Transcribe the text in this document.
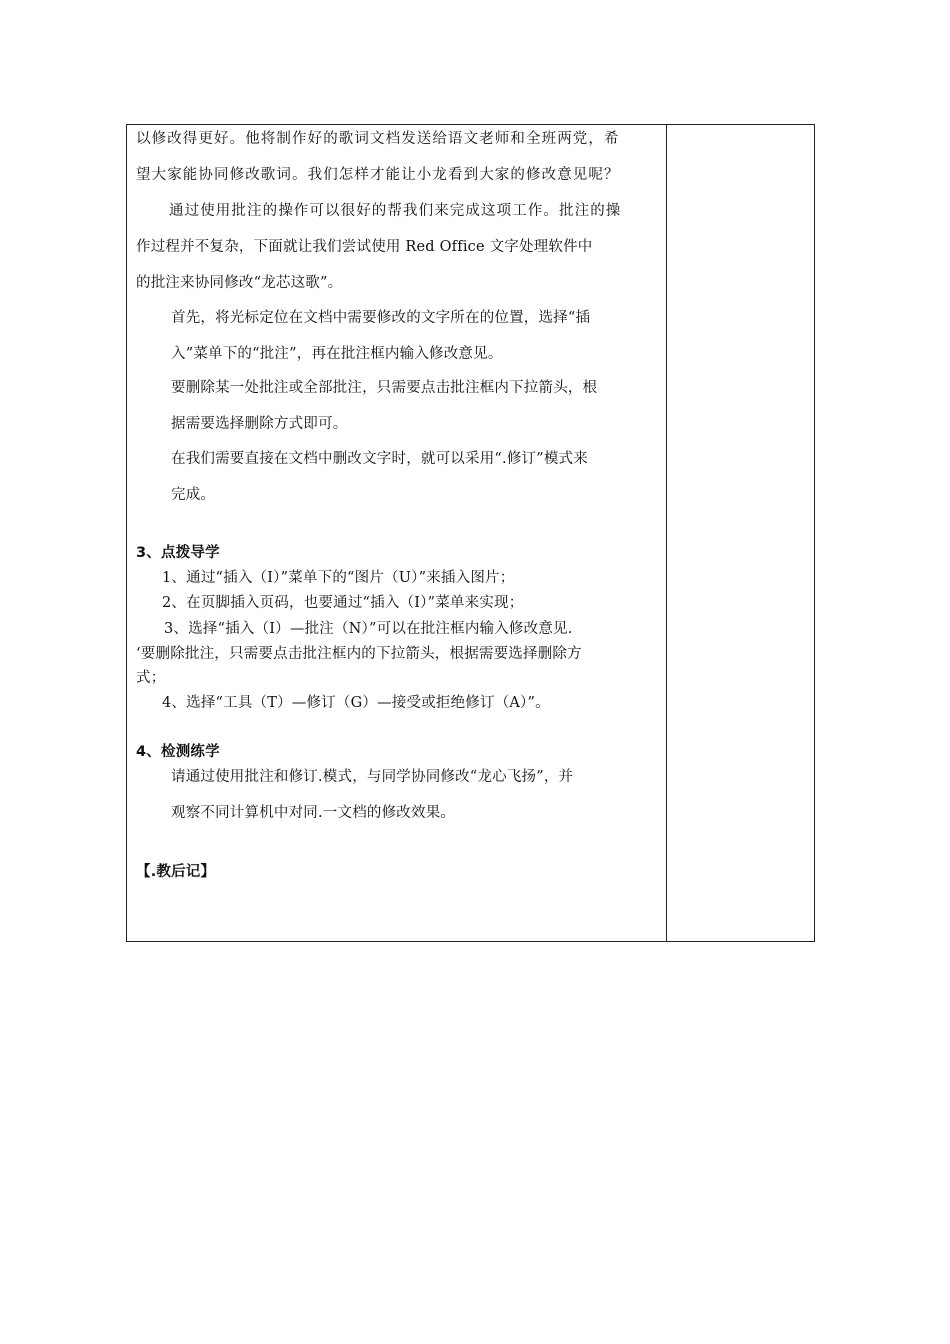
以修改得更好。他将制作好的歌词文档发送给语文老师和全班两党，希
望大家能协同修改歌词。我们怎样才能让小龙看到大家的修改意见呢？
通过使用批注的操作可以很好的帮我们来完成这项工作。批注的操
作过程并不复杂，下面就让我们尝试使用 Red Office 文字处理软件中
的批注来协同修改“龙芯这歌”。
首先，将光标定位在文档中需要修改的文字所在的位置，选择“插
入”菜单下的“批注”，再在批注框内输入修改意见。
要删除某一处批注或全部批注，只需要点击批注框内下拉箭头，根
据需要选择删除方式即可。
在我们需要直接在文档中删改文字时，就可以采用“.修订”模式来
完成。
3、点拨导学
1、通过“插入（I）”菜单下的“图片（U）”来插入图片；
2、在页脚插入页码，也要通过“插入（I）”菜单来实现；
3、选择“插入（I）—批注（N）”可以在批注框内输入修改意见.
‘要删除批注，只需要点击批注框内的下拉箭头，根据需要选择删除方
式；
4、选择“工具（T）—修订（G）—接受或拒绝修订（A）”。
4、检测练学
请通过使用批注和修订.模式，与同学协同修改“龙心飞扬”，并
观察不同计算机中对同.一文档的修改效果。
【.教后记】
